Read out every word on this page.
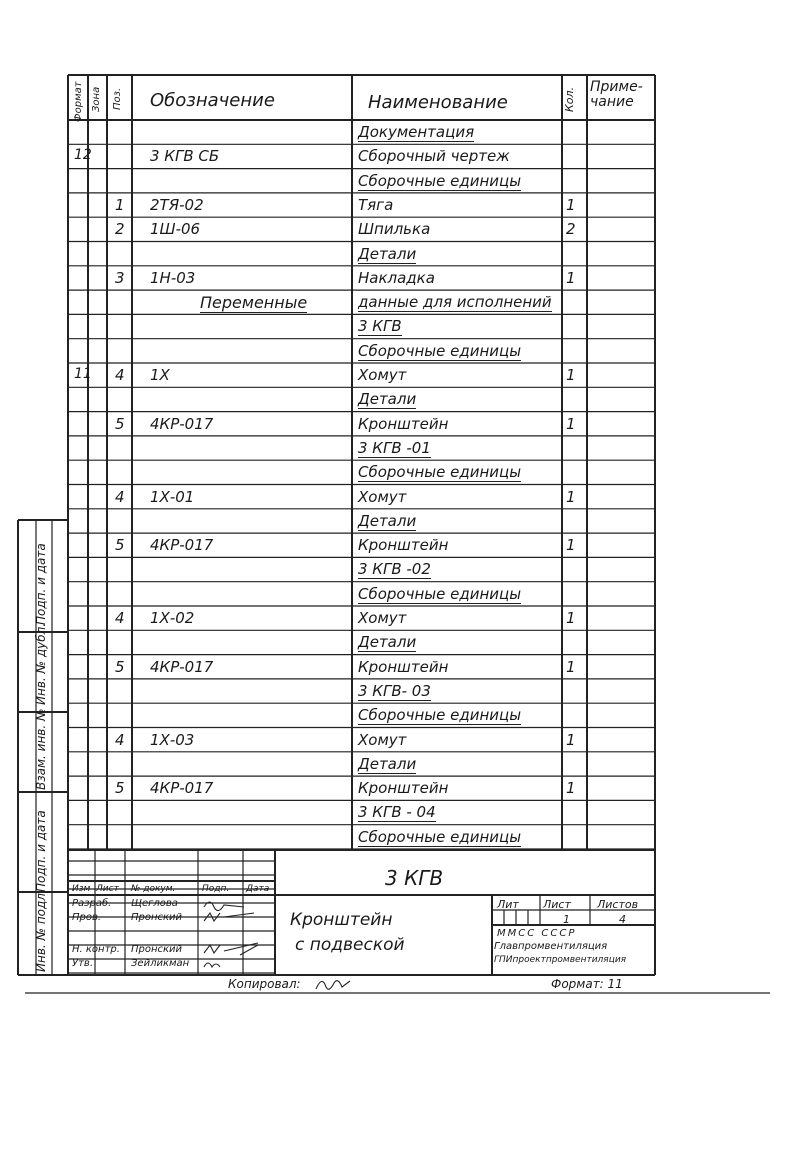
Формат Зона Поз. Обозначение	Наименование	Кол. Приме-чание
Документация
12	3 КГВ СБ	Сборочный чертеж
Сборочные единицы
1 2ТЯ-02	Тяга	1
2 1Ш-06	Шпилька	2
Детали
3 1Н-03	Накладка	1
Переменные	данные для исполнений
3 КГВ
Сборочные единицы
11 4 1Х	Хомут	1
Детали
5 4КР-017	Кронштейн	1
3 КГВ -01
Сборочные единицы
4 1Х-01	Хомут	1
Детали
5 4КР-017	Кронштейн	1
3 КГВ -02
Сборочные единицы
4 1Х-02	Хомут	1
Детали
5 4КР-017	Кронштейн	1
3 КГВ- 03
Сборочные единицы
4 1Х-03	Хомут	1
Детали
5 4КР-017	Кронштейн	1
3 КГВ - 04
Сборочные единицы
Подп. и дата
Инв. № дубл.
Взам. инв. №
Подп. и дата
Инв. № подл.
3 КГВ
Кронштейн
с подвеской
Изм Лист № докум.	Подп. Дата
Разраб. Щеглова
Пров.	Пронский
Н. контр. Пронский
Утв.	Зейликман
Лит Лист Листов
1	4
ММСС СССР
Главпромвентиляция
ГПИпроектпромвентиляция
Копировал:	Формат: 11
